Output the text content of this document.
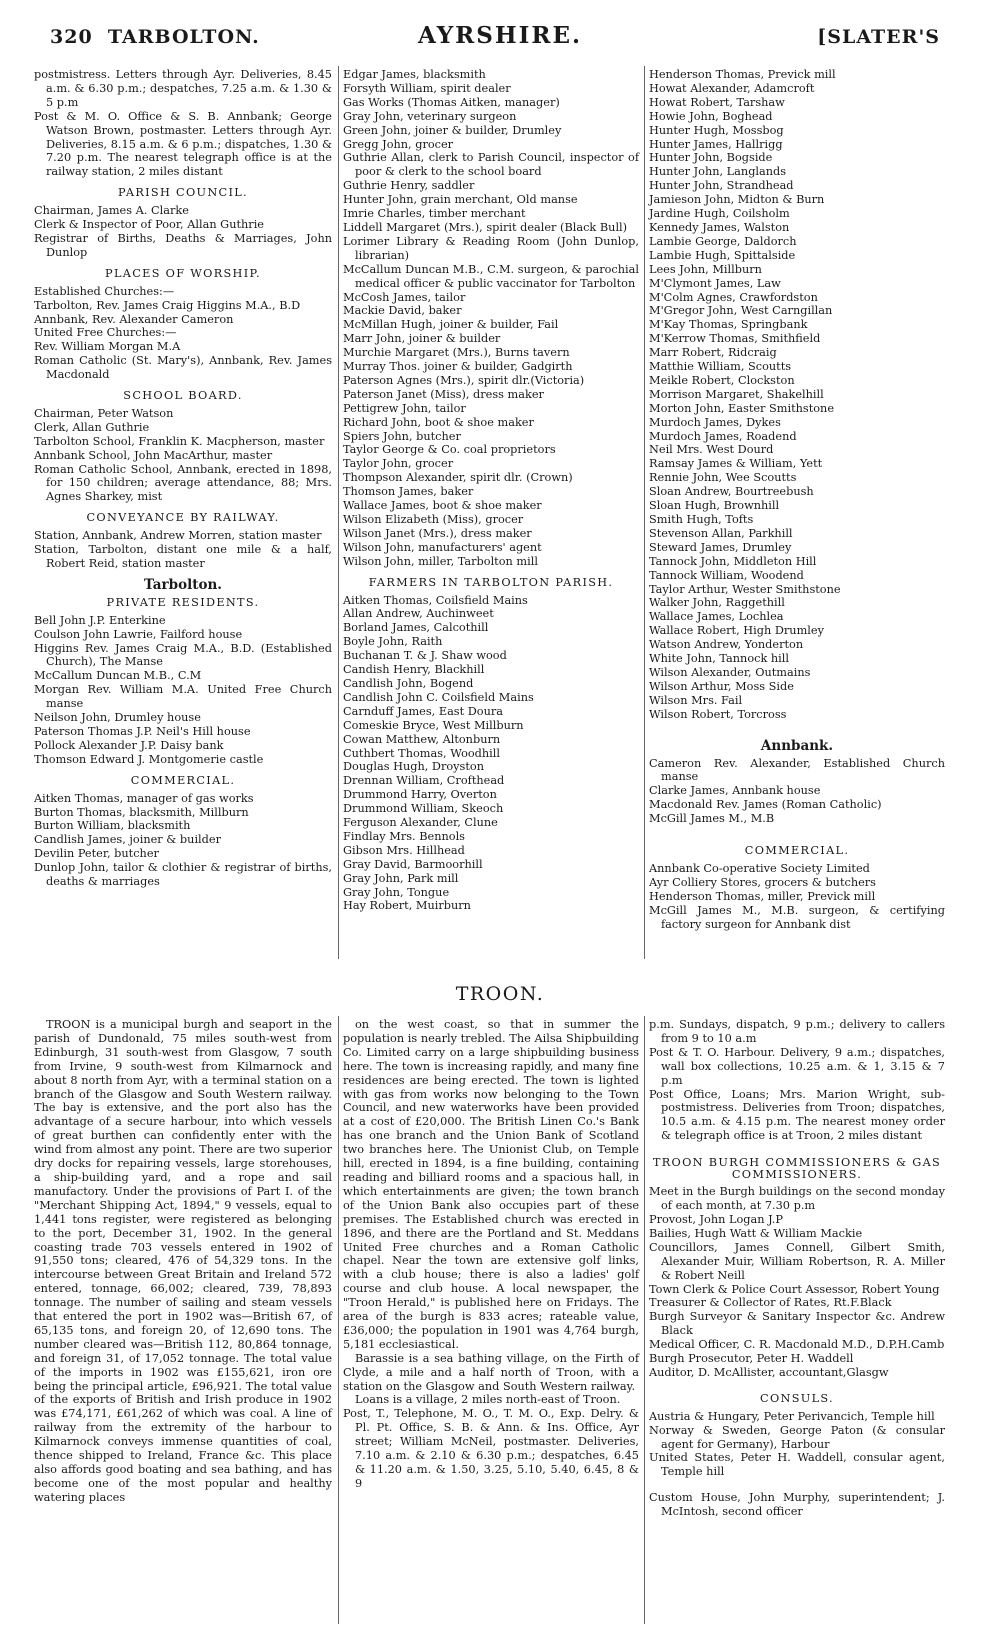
320 TARBOLTON.	AYRSHIRE.	[SLATER'S

postmistress. Letters through Ayr. Deliveries, 8.45 a.m. & 6.30 p.m.; despatches, 7.25 a.m. & 1.30 & 5 p.m

Post & M. O. Office & S. B. Annbank; George Watson Brown, postmaster. Letters through Ayr. Deliveries, 8.15 a.m. & 6 p.m.; dispatches, 1.30 & 7.20 p.m. The nearest telegraph office is at the railway station, 2 miles distant

PARISH COUNCIL.

Chairman, James A. Clarke

Clerk & Inspector of Poor, Allan Guthrie

Registrar of Births, Deaths & Marriages, John Dunlop

PLACES OF WORSHIP.

Established Churches:—

Tarbolton, Rev. James Craig Higgins M.A., B.D

Annbank, Rev. Alexander Cameron

United Free Churches:—

Rev. William Morgan M.A

Roman Catholic (St. Mary's), Annbank, Rev. James Macdonald

SCHOOL BOARD.

Chairman, Peter Watson

Clerk, Allan Guthrie

Tarbolton School, Franklin K. Macpherson, master

Annbank School, John MacArthur, master

Roman Catholic School, Annbank, erected in 1898, for 150 children; average attendance, 88; Mrs. Agnes Sharkey, mist

CONVEYANCE BY RAILWAY.

Station, Annbank, Andrew Morren, station master

Station, Tarbolton, distant one mile & a half, Robert Reid, station master

Tarbolton.
PRIVATE RESIDENTS.

Bell John J.P. Enterkine

Coulson John Lawrie, Failford house

Higgins Rev. James Craig M.A., B.D. (Established Church), The Manse

McCallum Duncan M.B., C.M

Morgan Rev. William M.A. United Free Church manse

Neilson John, Drumley house

Paterson Thomas J.P. Neil's Hill house

Pollock Alexander J.P. Daisy bank

Thomson Edward J. Montgomerie castle

COMMERCIAL.

Aitken Thomas, manager of gas works

Burton Thomas, blacksmith, Millburn

Burton William, blacksmith

Candlish James, joiner & builder

Devilin Peter, butcher

Dunlop John, tailor & clothier & registrar of births, deaths & marriages

Edgar James, blacksmith

Forsyth William, spirit dealer

Gas Works (Thomas Aitken, manager)

Gray John, veterinary surgeon

Green John, joiner & builder, Drumley

Gregg John, grocer

Guthrie Allan, clerk to Parish Council, inspector of poor & clerk to the school board

Guthrie Henry, saddler

Hunter John, grain merchant, Old manse

Imrie Charles, timber merchant

Liddell Margaret (Mrs.), spirit dealer (Black Bull)

Lorimer Library & Reading Room (John Dunlop, librarian)

McCallum Duncan M.B., C.M. surgeon, & parochial medical officer & public vaccinator for Tarbolton

McCosh James, tailor

Mackie David, baker

McMillan Hugh, joiner & builder, Fail

Marr John, joiner & builder

Murchie Margaret (Mrs.), Burns tavern

Murray Thos. joiner & builder, Gadgirth

Paterson Agnes (Mrs.), spirit dlr.(Victoria)

Paterson Janet (Miss), dress maker

Pettigrew John, tailor

Richard John, boot & shoe maker

Spiers John, butcher

Taylor George & Co. coal proprietors

Taylor John, grocer

Thompson Alexander, spirit dlr. (Crown)

Thomson James, baker

Wallace James, boot & shoe maker

Wilson Elizabeth (Miss), grocer

Wilson Janet (Mrs.), dress maker

Wilson John, manufacturers' agent

Wilson John, miller, Tarbolton mill

FARMERS IN TARBOLTON PARISH.

Aitken Thomas, Coilsfield Mains

Allan Andrew, Auchinweet

Borland James, Calcothill

Boyle John, Raith

Buchanan T. & J. Shaw wood

Candish Henry, Blackhill

Candlish John, Bogend

Candlish John C. Coilsfield Mains

Carnduff James, East Doura

Comeskie Bryce, West Millburn

Cowan Matthew, Altonburn

Cuthbert Thomas, Woodhill

Douglas Hugh, Droyston

Drennan William, Crofthead

Drummond Harry, Overton

Drummond William, Skeoch

Ferguson Alexander, Clune

Findlay Mrs. Bennols

Gibson Mrs. Hillhead

Gray David, Barmoorhill

Gray John, Park mill

Gray John, Tongue

Hay Robert, Muirburn

Henderson Thomas, Previck mill

Howat Alexander, Adamcroft

Howat Robert, Tarshaw

Howie John, Boghead

Hunter Hugh, Mossbog

Hunter James, Hallrigg

Hunter John, Bogside

Hunter John, Langlands

Hunter John, Strandhead

Jamieson John, Midton & Burn

Jardine Hugh, Coilsholm

Kennedy James, Walston

Lambie George, Daldorch

Lambie Hugh, Spittalside

Lees John, Millburn

M'Clymont James, Law

M'Colm Agnes, Crawfordston

M'Gregor John, West Carngillan

M'Kay Thomas, Springbank

M'Kerrow Thomas, Smithfield

Marr Robert, Ridcraig

Matthie William, Scoutts

Meikle Robert, Clockston

Morrison Margaret, Shakelhill

Morton John, Easter Smithstone

Murdoch James, Dykes

Murdoch James, Roadend

Neil Mrs. West Dourd

Ramsay James & William, Yett

Rennie John, Wee Scoutts

Sloan Andrew, Bourtreebush

Sloan Hugh, Brownhill

Smith Hugh, Tofts

Stevenson Allan, Parkhill

Steward James, Drumley

Tannock John, Middleton Hill

Tannock William, Woodend

Taylor Arthur, Wester Smithstone

Walker John, Raggethill

Wallace James, Lochlea

Wallace Robert, High Drumley

Watson Andrew, Yonderton

White John, Tannock hill

Wilson Alexander, Outmains

Wilson Arthur, Moss Side

Wilson Mrs. Fail

Wilson Robert, Torcross

Annbank.

Cameron Rev. Alexander, Established Church manse

Clarke James, Annbank house

Macdonald Rev. James (Roman Catholic)

McGill James M., M.B

COMMERCIAL.

Annbank Co-operative Society Limited

Ayr Colliery Stores, grocers & butchers

Henderson Thomas, miller, Previck mill

McGill James M., M.B. surgeon, & certifying factory surgeon for Annbank dist

TROON.
TROON is a municipal burgh and seaport in the parish of Dundonald, 75 miles south-west from Edinburgh, 31 south-west from Glasgow, 7 south from Irvine, 9 south-west from Kilmarnock and about 8 north from Ayr, with a terminal station on a branch of the Glasgow and South Western railway. The bay is extensive, and the port also has the advantage of a secure harbour, into which vessels of great burthen can confidently enter with the wind from almost any point. There are two superior dry docks for repairing vessels, large storehouses, a ship-building yard, and a rope and sail manufactory. Under the provisions of Part I. of the "Merchant Shipping Act, 1894," 9 vessels, equal to 1,441 tons register, were registered as belonging to the port, December 31, 1902. In the general coasting trade 703 vessels entered in 1902 of 91,550 tons; cleared, 476 of 54,329 tons. In the intercourse between Great Britain and Ireland 572 entered, tonnage, 66,002; cleared, 739, 78,893 tonnage. The number of sailing and steam vessels that entered the port in 1902 was—British 67, of 65,135 tons, and foreign 20, of 12,690 tons. The number cleared was—British 112, 80,864 tonnage, and foreign 31, of 17,052 tonnage. The total value of the imports in 1902 was £155,621, iron ore being the principal article, £96,921. The total value of the exports of British and Irish produce in 1902 was £74,171, £61,262 of which was coal. A line of railway from the extremity of the harbour to Kilmarnock conveys immense quantities of coal, thence shipped to Ireland, France &c. This place also affords good boating and sea bathing, and has become one of the most popular and healthy watering places
on the west coast, so that in summer the population is nearly trebled. The Ailsa Shipbuilding Co. Limited carry on a large shipbuilding business here. The town is increasing rapidly, and many fine residences are being erected. The town is lighted with gas from works now belonging to the Town Council, and new waterworks have been provided at a cost of £20,000. The British Linen Co.'s Bank has one branch and the Union Bank of Scotland two branches here. The Unionist Club, on Temple hill, erected in 1894, is a fine building, containing reading and billiard rooms and a spacious hall, in which entertainments are given; the town branch of the Union Bank also occupies part of these premises. The Established church was erected in 1896, and there are the Portland and St. Meddans United Free churches and a Roman Catholic chapel. Near the town are extensive golf links, with a club house; there is also a ladies' golf course and club house. A local newspaper, the "Troon Herald," is published here on Fridays. The area of the burgh is 833 acres; rateable value, £36,000; the population in 1901 was 4,764 burgh, 5,181 ecclesiastical.
Barassie is a sea bathing village, on the Firth of Clyde, a mile and a half north of Troon, with a station on the Glasgow and South Western railway.
Loans is a village, 2 miles north-east of Troon.

Post, T., Telephone, M. O., T. M. O., Exp. Delry. & Pl. Pt. Office, S. B. & Ann. & Ins. Office, Ayr street; William McNeil, postmaster. Deliveries, 7.10 a.m. & 2.10 & 6.30 p.m.; despatches, 6.45 & 11.20 a.m. & 1.50, 3.25, 5.10, 5.40, 6.45, 8 & 9

p.m. Sundays, dispatch, 9 p.m.; delivery to callers from 9 to 10 a.m

Post & T. O. Harbour. Delivery, 9 a.m.; dispatches, wall box collections, 10.25 a.m. & 1, 3.15 & 7 p.m

Post Office, Loans; Mrs. Marion Wright, sub-postmistress. Deliveries from Troon; dispatches, 10.5 a.m. & 4.15 p.m. The nearest money order & telegraph office is at Troon, 2 miles distant

TROON BURGH COMMISSIONERS & GAS COMMISSIONERS.

Meet in the Burgh buildings on the second monday of each month, at 7.30 p.m

Provost, John Logan J.P

Bailies, Hugh Watt & William Mackie

Councillors, James Connell, Gilbert Smith, Alexander Muir, William Robertson, R. A. Miller & Robert Neill

Town Clerk & Police Court Assessor, Robert Young

Treasurer & Collector of Rates, Rt.F.Black

Burgh Surveyor & Sanitary Inspector &c. Andrew Black

Medical Officer, C. R. Macdonald M.D., D.P.H.Camb

Burgh Prosecutor, Peter H. Waddell

Auditor, D. McAllister, accountant,Glasgw

CONSULS.

Austria & Hungary, Peter Perivancich, Temple hill

Norway & Sweden, George Paton (& consular agent for Germany), Harbour

United States, Peter H. Waddell, consular agent, Temple hill

Custom House, John Murphy, superintendent; J. McIntosh, second officer
